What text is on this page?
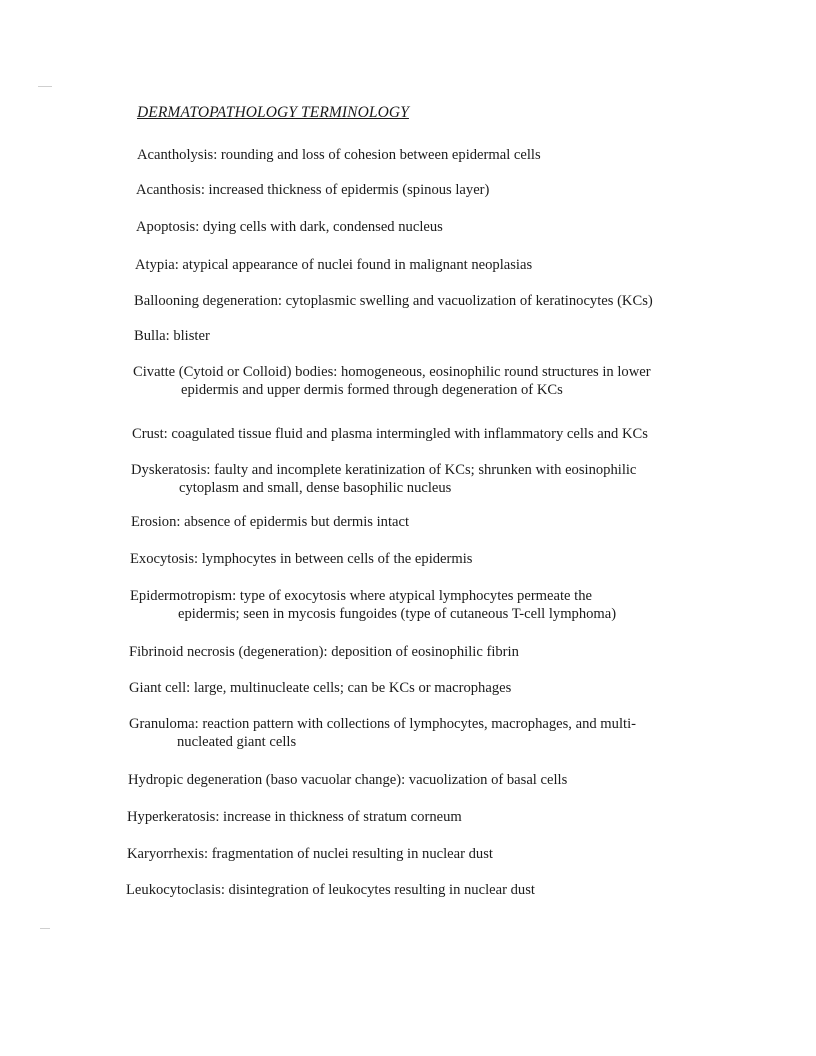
DERMATOPATHOLOGY TERMINOLOGY
Acantholysis: rounding and loss of cohesion between epidermal cells
Acanthosis: increased thickness of epidermis (spinous layer)
Apoptosis: dying cells with dark, condensed nucleus
Atypia: atypical appearance of nuclei found in malignant neoplasias
Ballooning degeneration: cytoplasmic swelling and vacuolization of keratinocytes (KCs)
Bulla: blister
Civatte (Cytoid or Colloid) bodies: homogeneous, eosinophilic round structures in lower
epidermis and upper dermis formed through degeneration of KCs
Crust: coagulated tissue fluid and plasma intermingled with inflammatory cells and KCs
Dyskeratosis: faulty and incomplete keratinization of KCs; shrunken with eosinophilic
cytoplasm and small, dense basophilic nucleus
Erosion: absence of epidermis but dermis intact
Exocytosis: lymphocytes in between cells of the epidermis
Epidermotropism: type of exocytosis where atypical lymphocytes permeate the
epidermis; seen in mycosis fungoides (type of cutaneous T-cell lymphoma)
Fibrinoid necrosis (degeneration): deposition of eosinophilic fibrin
Giant cell: large, multinucleate cells; can be KCs or macrophages
Granuloma: reaction pattern with collections of lymphocytes, macrophages, and multi-
nucleated giant cells
Hydropic degeneration (baso vacuolar change): vacuolization of basal cells
Hyperkeratosis: increase in thickness of stratum corneum
Karyorrhexis: fragmentation of nuclei resulting in nuclear dust
Leukocytoclasis: disintegration of leukocytes resulting in nuclear dust
